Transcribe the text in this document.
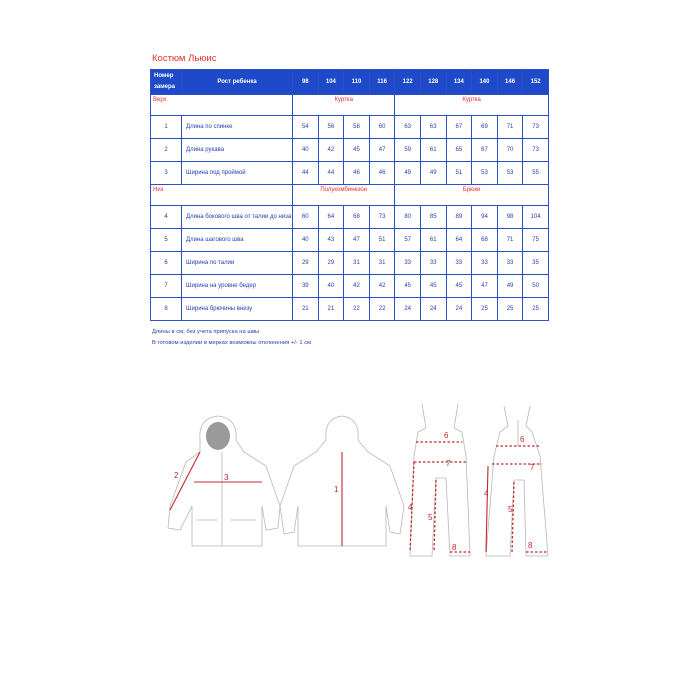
Костюм Льюис
Номер замера	Рост ребенка	98	104	110	116	122	128	134	140	146	152
Верх		Куртка				Куртка					
1	Длина по спинке	54	56	58	60	63	63	67	69	71	73
2	Длина рукава	40	42	45	47	59	61	65	67	70	73
3	Ширина под проймой	44	44	46	46	49	49	51	53	53	55
Низ		Полукомбинезон				Брюки					
4	Длина бокового шва от талии до низа	60	64	68	73	80	85	89	94	98	104
5	Длина шагового шва	40	43	47	51	57	61	64	68	71	75
6	Ширина по талии	29	29	31	31	33	33	33	33	33	35
7	Ширина на уровне бедер	39	40	42	42	45	45	45	47	49	50
8	Ширина брючины внизу	21	21	22	22	24	24	24	25	25	25
Длины в см, без учета припуска на швы
В готовом изделии в мерках возможны отклонения +/- 1 см
2	3
1
6
7
4
5
8
6
7
4
5
8
